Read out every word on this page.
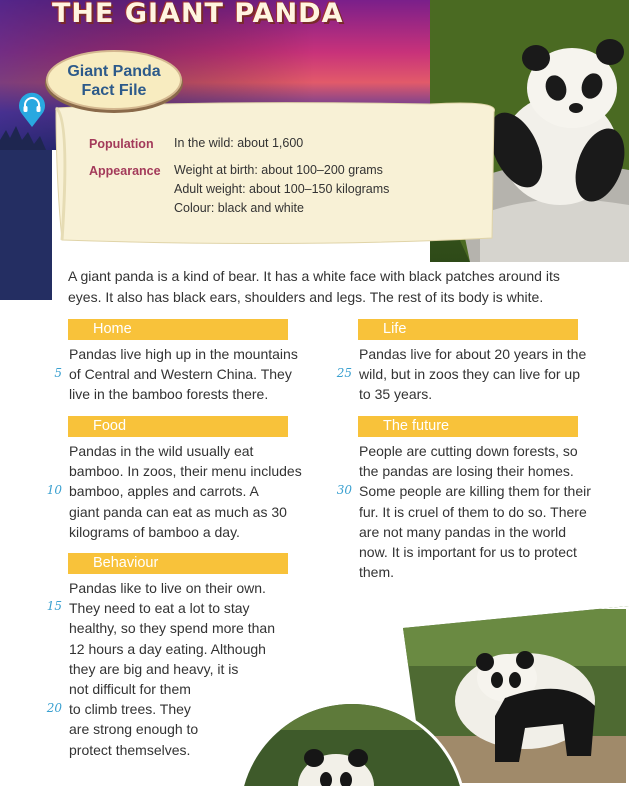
THE GIANT PANDA
Giant Panda
Fact File
Population In the wild: about 1,600
Appearance Weight at birth: about 100–200 grams
Adult weight: about 100–150 kilograms
Colour: black and white
A giant panda is a kind of bear. It has a white face with black patches around its
eyes. It also has black ears, shoulders and legs. The rest of its body is white.
Home
Pandas live high up in the mountains
of Central and Western China. They
live in the bamboo forests there.
Food
Pandas in the wild usually eat
bamboo. In zoos, their menu includes
bamboo, apples and carrots. A
giant panda can eat as much as 30
kilograms of bamboo a day.
Behaviour
Pandas like to live on their own.
They need to eat a lot to stay
healthy, so they spend more than
12 hours a day eating. Although
they are big and heavy, it is
not difficult for them
to climb trees. They
are strong enough to
protect themselves.
5
10
15
20
Life
Pandas live for about 20 years in the
wild, but in zoos they can live for up
to 35 years.
The future
People are cutting down forests, so
the pandas are losing their homes.
Some people are killing them for their
fur. It is cruel of them to do so. There
are not many pandas in the world
now. It is important for us to protect
them.
25
30
